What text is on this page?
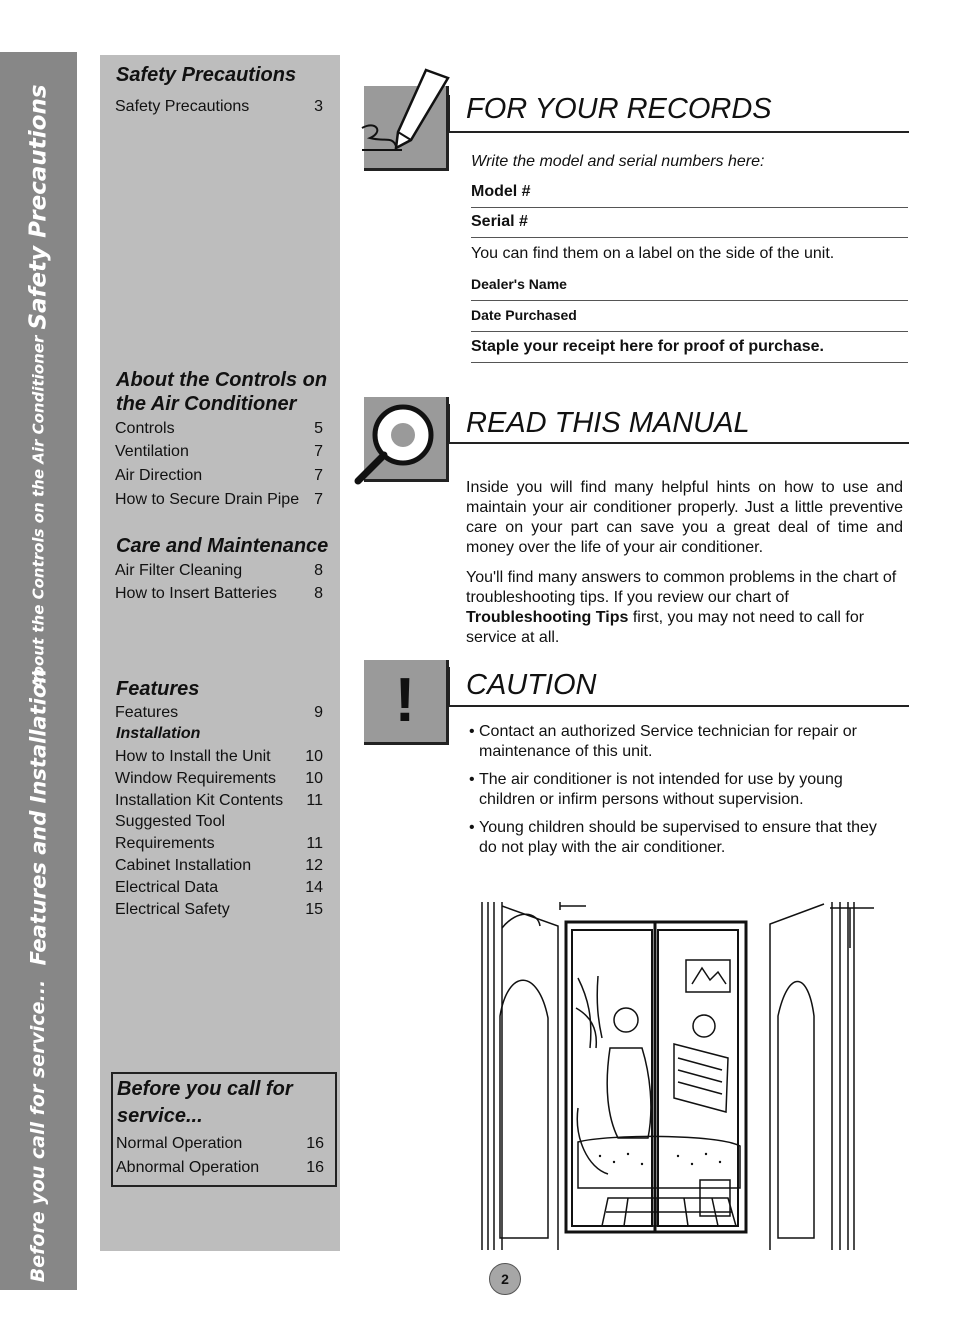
Safety Precautions
About the Controls on the Air Conditioner
Features and Installation
Before you call for service...
Safety Precautions
Safety Precautions	3
About the Controls on
the Air Conditioner
Controls	5
Ventilation	7
Air Direction	7
How to Secure Drain Pipe 7
Care and Maintenance
Air Filter Cleaning	8
How to Insert Batteries 8
Features
Features	9
Installation
How to Install the Unit 10
Window Requirements 10
Installation Kit Contents 11
Suggested Tool
Requirements	11
Cabinet Installation	12
Electrical Data	14
Electrical Safety	15
Before you call for
service...
Normal Operation	16
Abnormal Operation	16
FOR YOUR RECORDS
Write the model and serial numbers here:
Model #
Serial #
You can find them on a label on the side of the unit.
Dealer's Name
Date Purchased
Staple your receipt here for proof of purchase.
READ THIS MANUAL
Inside you will find many helpful hints on how to use and maintain your air conditioner properly. Just a little preventive care on your part can save you a great deal of time and money over the life of your air conditioner.
You'll find many answers to common problems in the chart of troubleshooting tips. If you review our chart of Troubleshooting Tips first, you may not need to call for service at all.
!	CAUTION
• Contact an authorized Service technician for repair or maintenance of this unit.
• The air conditioner is not intended for use by young children or infirm persons without supervision.
• Young children should be supervised to ensure that they do not play with the air conditioner.
2
